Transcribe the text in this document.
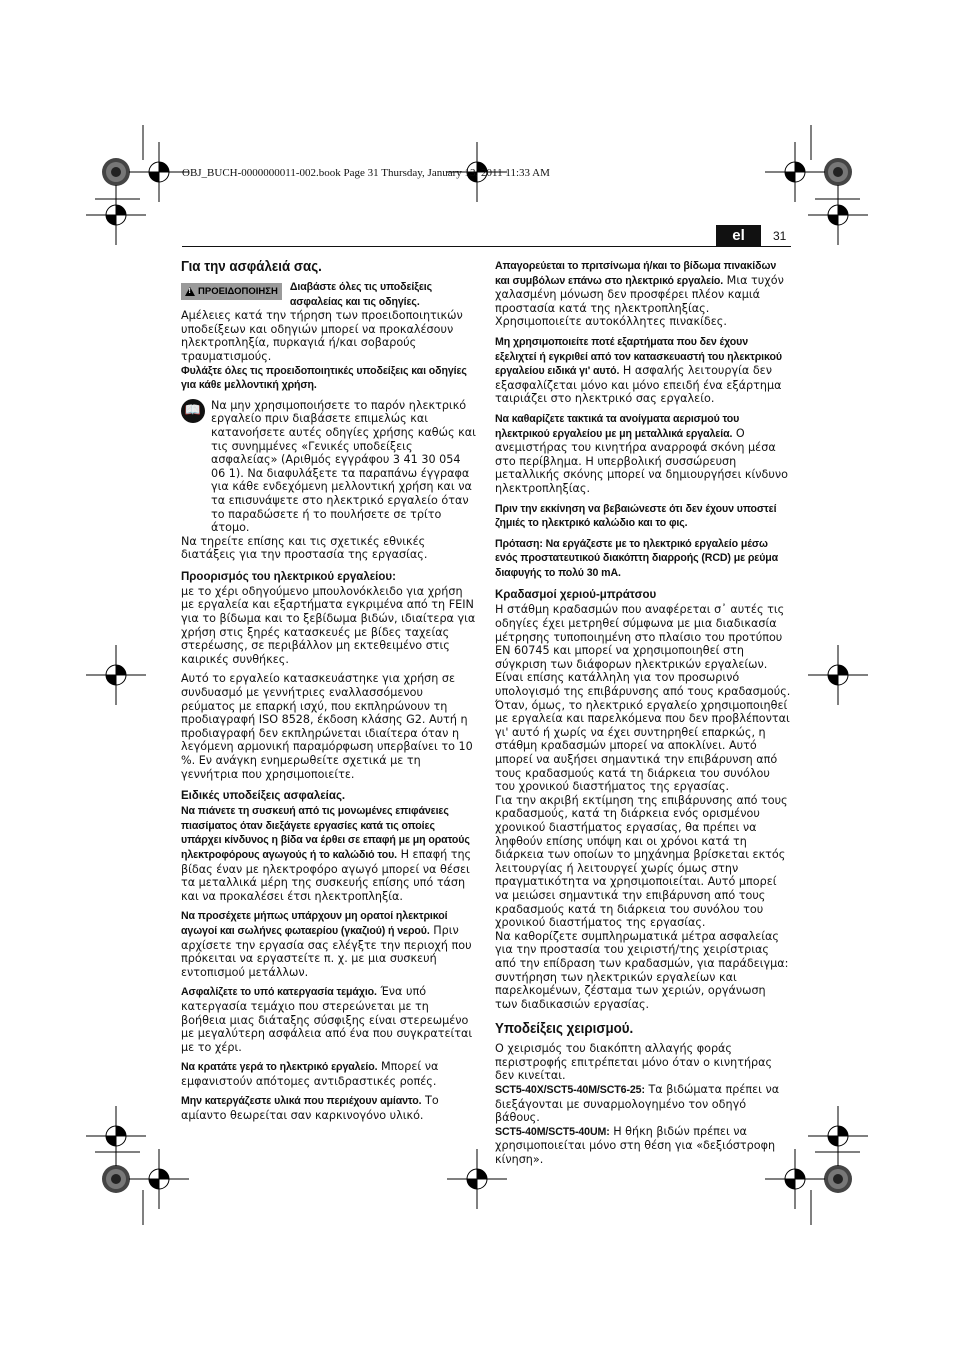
OBJ_BUCH-0000000011-002.book Page 31 Thursday, January 13, 2011 11:33 AM
el	31
Για την ασφάλειά σας.
! ΠΡΟΕΙΔΟΠΟΙΗΣΗ Διαβάστε όλες τις υποδείξεις ασφαλείας και τις οδηγίες.

Αμέλειες κατά την τήρηση των προειδοποιητικών υποδείξεων και οδηγιών μπορεί να προκαλέσουν ηλεκτροπληξία, πυρκαγιά ή/και σοβαρούς τραυματισμούς.

Φυλάξτε όλες τις προειδοποιητικές υποδείξεις και οδηγίες για κάθε μελλοντική χρήση.

📖 Να μην χρησιμοποιήσετε το παρόν ηλεκτρικό εργαλείο πριν διαβάσετε επιμελώς και κατανοήσετε αυτές οδηγίες χρήσης καθώς και τις συνημμένες «Γενικές υποδείξεις ασφαλείας» (Αριθμός εγγράφου 3 41 30 054 06 1). Να διαφυλάξετε τα παραπάνω έγγραφα για κάθε ενδεχόμενη μελλοντική χρήση και να τα επισυνάψετε στο ηλεκτρικό εργαλείο όταν το παραδώσετε ή το πουλήσετε σε τρίτο άτομο.

Να τηρείτε επίσης και τις σχετικές εθνικές διατάξεις για την προστασία της εργασίας.

Προορισμός του ηλεκτρικού εργαλείου:

με το χέρι οδηγούμενο μπουλονόκλειδο για χρήση με εργαλεία και εξαρτήματα εγκριμένα από τη FEIN για το βίδωμα και το ξεβίδωμα βιδών, ιδιαίτερα για χρήση στις ξηρές κατασκευές με βίδες ταχείας στερέωσης, σε περιβάλλον μη εκτεθειμένο στις καιρικές συνθήκες.

Αυτό το εργαλείο κατασκευάστηκε για χρήση σε συνδυασμό με γεννήτριες εναλλασσόμενου ρεύματος με επαρκή ισχύ, που εκπληρώνουν τη προδιαγραφή ISO 8528, έκδοση κλάσης G2. Αυτή η προδιαγραφή δεν εκπληρώνεται ιδιαίτερα όταν η λεγόμενη αρμονική παραμόρφωση υπερβαίνει το 10 %. Εν ανάγκη ενημερωθείτε σχετικά με τη γεννήτρια που χρησιμοποιείτε.

Ειδικές υποδείξεις ασφαλείας.

Να πιάνετε τη συσκευή από τις μονωμένες επιφάνειες πιασίματος όταν διεξάγετε εργασίες κατά τις οποίες υπάρχει κίνδυνος η βίδα να έρθει σε επαφή με μη ορατούς ηλεκτροφόρους αγωγούς ή το καλώδιό του. Η επαφή της βίδας έναν με ηλεκτροφόρο αγωγό μπορεί να θέσει τα μεταλλικά μέρη της συσκευής επίσης υπό τάση και να προκαλέσει έτσι ηλεκτροπληξία.

Να προσέχετε μήπως υπάρχουν μη ορατοί ηλεκτρικοί αγωγοί και σωλήνες φωταερίου (γκαζιού) ή νερού. Πριν αρχίσετε την εργασία σας ελέγξτε την περιοχή που πρόκειται να εργαστείτε π. χ. με μια συσκευή εντοπισμού μετάλλων.

Ασφαλίζετε το υπό κατεργασία τεμάχιο. Ένα υπό κατεργασία τεμάχιο που στερεώνεται με τη βοήθεια μιας διάταξης σύσφιξης είναι στερεωμένο με μεγαλύτερη ασφάλεια από ένα που συγκρατείται με το χέρι.

Να κρατάτε γερά το ηλεκτρικό εργαλείο. Μπορεί να εμφανιστούν απότομες αντιδραστικές ροπές.

Μην κατεργάζεστε υλικά που περιέχουν αμίαντο. Το αμίαντο θεωρείται σαν καρκινογόνο υλικό.

Απαγορεύεται το πριτσίνωμα ή/και το βίδωμα πινακίδων και συμβόλων επάνω στο ηλεκτρικό εργαλείο. Μια τυχόν χαλασμένη μόνωση δεν προσφέρει πλέον καμιά προστασία κατά της ηλεκτροπληξίας. Χρησιμοποιείτε αυτοκόλλητες πινακίδες.

Μη χρησιμοποιείτε ποτέ εξαρτήματα που δεν έχουν εξελιχτεί ή εγκριθεί από τον κατασκευαστή του ηλεκτρικού εργαλείου ειδικά γι' αυτό. Η ασφαλής λειτουργία δεν εξασφαλίζεται μόνο και μόνο επειδή ένα εξάρτημα ταιριάζει στο ηλεκτρικό σας εργαλείο.

Να καθαρίζετε τακτικά τα ανοίγματα αερισμού του ηλεκτρικού εργαλείου με μη μεταλλικά εργαλεία. Ο ανεμιστήρας του κινητήρα αναρροφά σκόνη μέσα στο περίβλημα. Η υπερβολική συσσώρευση μεταλλικής σκόνης μπορεί να δημιουργήσει κίνδυνο ηλεκτροπληξίας.

Πριν την εκκίνηση να βεβαιώνεστε ότι δεν έχουν υποστεί ζημιές το ηλεκτρικό καλώδιο και το φις.

Πρόταση: Να εργάζεστε με το ηλεκτρικό εργαλείο μέσω ενός προστατευτικού διακόπτη διαρροής (RCD) με ρεύμα διαφυγής το πολύ 30 mA.

Κραδασμοί χεριού-μπράτσου

Η στάθμη κραδασμών που αναφέρεται σ᾿ αυτές τις οδηγίες έχει μετρηθεί σύμφωνα με μια διαδικασία μέτρησης τυποποιημένη στο πλαίσιο του προτύπου EN 60745 και μπορεί να χρησιμοποιηθεί στη σύγκριση των διάφορων ηλεκτρικών εργαλείων. Είναι επίσης κατάλληλη για τον προσωρινό υπολογισμό της επιβάρυνσης από τους κραδασμούς.

Όταν, όμως, το ηλεκτρικό εργαλείο χρησιμοποιηθεί με εργαλεία και παρελκόμενα που δεν προβλέπονται γι' αυτό ή χωρίς να έχει συντηρηθεί επαρκώς, η στάθμη κραδασμών μπορεί να αποκλίνει. Αυτό μπορεί να αυξήσει σημαντικά την επιβάρυνση από τους κραδασμούς κατά τη διάρκεια του συνόλου του χρονικού διαστήματος της εργασίας.

Για την ακριβή εκτίμηση της επιβάρυνσης από τους κραδασμούς, κατά τη διάρκεια ενός ορισμένου χρονικού διαστήματος εργασίας, θα πρέπει να ληφθούν επίσης υπόψη και οι χρόνοι κατά τη διάρκεια των οποίων το μηχάνημα βρίσκεται εκτός λειτουργίας ή λειτουργεί χωρίς όμως στην πραγματικότητα να χρησιμοποιείται. Αυτό μπορεί να μειώσει σημαντικά την επιβάρυνση από τους κραδασμούς κατά τη διάρκεια του συνόλου του χρονικού διαστήματος της εργασίας.

Να καθορίζετε συμπληρωματικά μέτρα ασφαλείας για την προστασία του χειριστή/της χειρίστριας από την επίδραση των κραδασμών, για παράδειγμα: συντήρηση των ηλεκτρικών εργαλείων και παρελκομένων, ζέσταμα των χεριών, οργάνωση των διαδικασιών εργασίας.

Υποδείξεις χειρισμού.

Ο χειρισμός του διακόπτη αλλαγής φοράς περιστροφής επιτρέπεται μόνο όταν ο κινητήρας δεν κινείται.

SCT5-40X/SCT5-40M/SCT6-25: Τα βιδώματα πρέπει να διεξάγονται με συναρμολογημένο τον οδηγό βάθους.

SCT5-40M/SCT5-40UM: Η θήκη βιδών πρέπει να χρησιμοποιείται μόνο στη θέση για «δεξιόστροφη κίνηση».
